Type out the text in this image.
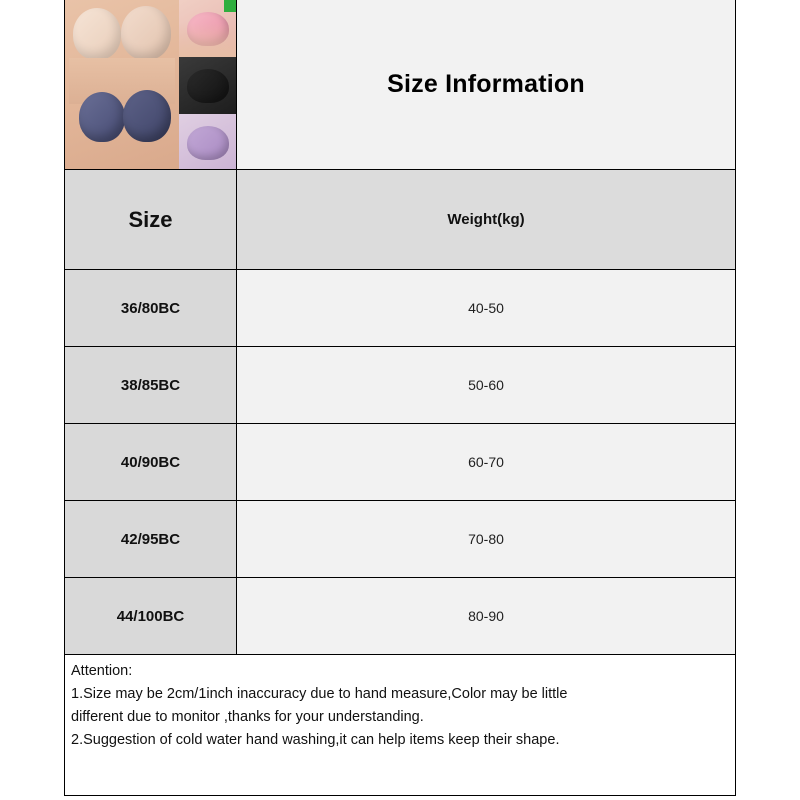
Size Information
Size	Weight(kg)
36/80BC	40-50
38/85BC	50-60
40/90BC	60-70
42/95BC	70-80
44/100BC	80-90

Attention:

1.Size may be 2cm/1inch inaccuracy due to hand measure,Color may be little

different due to monitor ,thanks for your understanding.

2.Suggestion of cold water hand washing,it can help items keep their shape.
